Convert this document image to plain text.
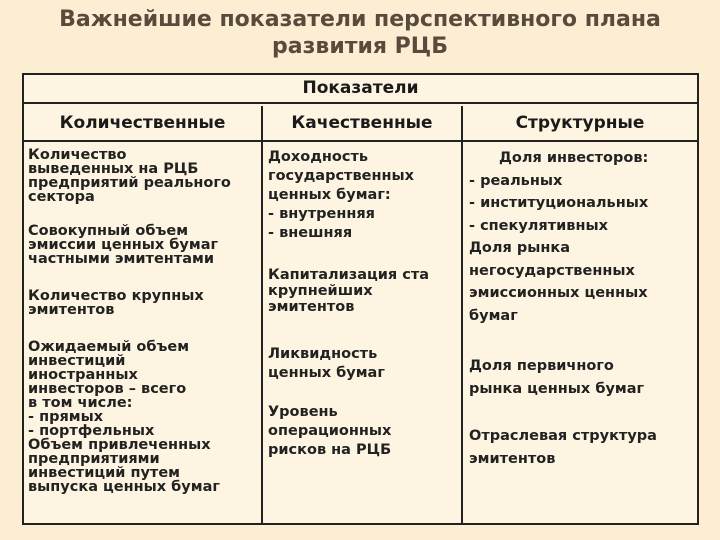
Важнейшие показатели перспективного плана
развития РЦБ
Показатели
Количественные	Качественные	Структурные
Количество
выведенных на РЦБ
предприятий реального
сектора
Совокупный объем
эмиссии ценных бумаг
частными эмитентами
Количество крупных
эмитентов
Ожидаемый объем
инвестиций
иностранных
инвесторов – всего
в том числе:
- прямых
- портфельных
Объем привлеченных
предприятиями
инвестиций путем
выпуска ценных бумаг
Доходность
государственных
ценных бумаг:
- внутренняя
- внешняя
Капитализация ста
крупнейших
эмитентов
Ликвидность
ценных бумаг
Уровень
операционных
рисков на РЦБ
Доля инвесторов:
- реальных
- институциональных
- спекулятивных
Доля рынка
негосударственных
эмиссионных ценных
бумаг
Доля первичного
рынка ценных бумаг
Отраслевая структура
эмитентов
